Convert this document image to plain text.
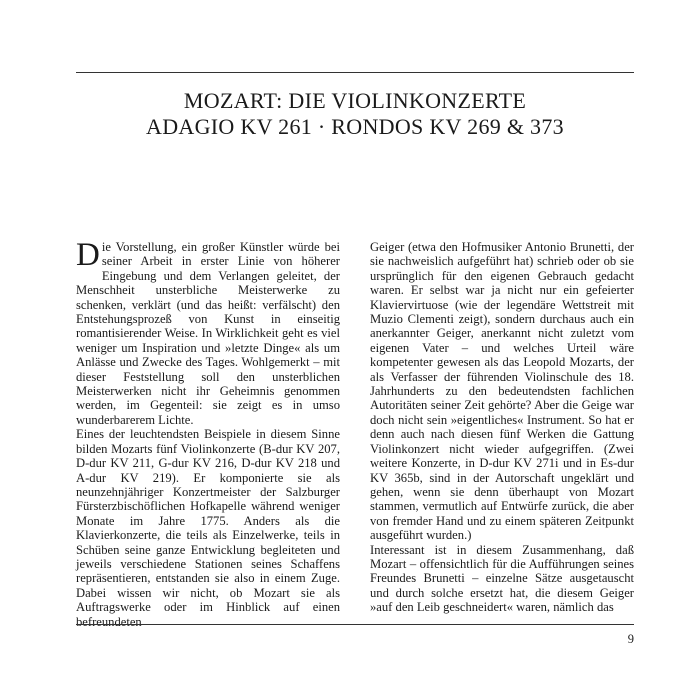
MOZART: DIE VIOLINKONZERTE
ADAGIO KV 261 · RONDOS KV 269 & 373

Die Vorstellung, ein großer Künstler würde bei seiner Arbeit in erster Linie von höherer Eingebung und dem Verlangen geleitet, der Menschheit unsterbliche Meisterwerke zu schenken, verklärt (und das heißt: verfälscht) den Entstehungsprozeß von Kunst in einseitig romantisierender Weise. In Wirklichkeit geht es viel weniger um Inspiration und »letzte Dinge« als um Anlässe und Zwecke des Tages. Wohlgemerkt – mit dieser Feststellung soll den unsterblichen Meisterwerken nicht ihr Geheimnis genommen werden, im Gegenteil: sie zeigt es in umso wunderbarerem Lichte.

Eines der leuchtendsten Beispiele in diesem Sinne bilden Mozarts fünf Violinkonzerte (B-dur KV 207, D-dur KV 211, G-dur KV 216, D-dur KV 218 und A-dur KV 219). Er komponierte sie als neunzehnjähriger Konzertmeister der Salzburger Fürsterzbischöflichen Hofkapelle während weniger Monate im Jahre 1775. Anders als die Klavierkonzerte, die teils als Einzelwerke, teils in Schüben seine ganze Entwicklung begleiteten und jeweils verschiedene Stationen seines Schaffens repräsentieren, entstanden sie also in einem Zuge. Dabei wissen wir nicht, ob Mozart sie als Auftragswerke oder im Hinblick auf einen befreundeten

Geiger (etwa den Hofmusiker Antonio Brunetti, der sie nachweislich aufgeführt hat) schrieb oder ob sie ursprünglich für den eigenen Gebrauch gedacht waren. Er selbst war ja nicht nur ein gefeierter Klaviervirtuose (wie der legendäre Wettstreit mit Muzio Clementi zeigt), sondern durchaus auch ein anerkannter Geiger, anerkannt nicht zuletzt vom eigenen Vater – und welches Urteil wäre kompetenter gewesen als das Leopold Mozarts, der als Verfasser der führenden Violinschule des 18. Jahrhunderts zu den bedeutendsten fachlichen Autoritäten seiner Zeit gehörte? Aber die Geige war doch nicht sein »eigentliches« Instrument. So hat er denn auch nach diesen fünf Werken die Gattung Violinkonzert nicht wieder aufgegriffen. (Zwei weitere Konzerte, in D-dur KV 271i und in Es-dur KV 365b, sind in der Autorschaft ungeklärt und gehen, wenn sie denn überhaupt von Mozart stammen, vermutlich auf Entwürfe zurück, die aber von fremder Hand und zu einem späteren Zeitpunkt ausgeführt wurden.)

Interessant ist in diesem Zusammenhang, daß Mozart – offensichtlich für die Aufführungen seines Freundes Brunetti – einzelne Sätze ausgetauscht und durch solche ersetzt hat, die diesem Geiger »auf den Leib geschneidert« waren, nämlich das

9
